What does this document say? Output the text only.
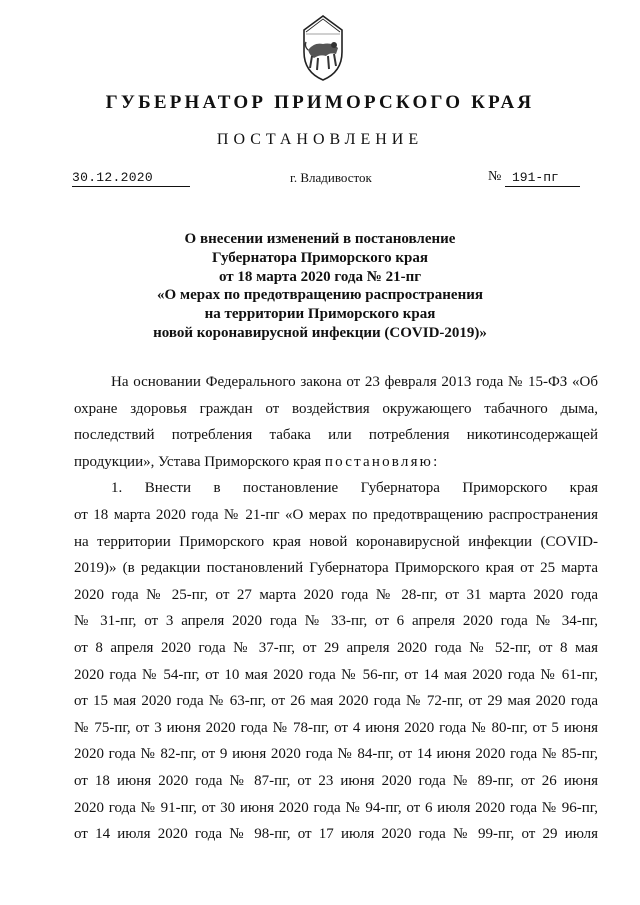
ГУБЕРНАТОР ПРИМОРСКОГО КРАЯ
ПОСТАНОВЛЕНИЕ
30.12.2020	г. Владивосток	№ 191-пг
О внесении изменений в постановление
Губернатора Приморского края
от 18 марта 2020 года № 21-пг
«О мерах по предотвращению распространения
на территории Приморского края
новой коронавирусной инфекции (COVID-2019)»
На основании Федерального закона от 23 февраля 2013 года № 15-ФЗ «Об
охране здоровья граждан от воздействия окружающего табачного дыма,
последствий потребления табака или потребления никотинсодержащей
продукции», Устава Приморского края постановляю:
1. Внести в постановление Губернатора Приморского края
от 18 марта 2020 года № 21-пг «О мерах по предотвращению распространения
на территории Приморского края новой коронавирусной инфекции (COVID-
2019)» (в редакции постановлений Губернатора Приморского края от 25 марта
2020 года № 25-пг, от 27 марта 2020 года № 28-пг, от 31 марта 2020 года
№ 31-пг, от 3 апреля 2020 года № 33-пг, от 6 апреля 2020 года № 34-пг,
от 8 апреля 2020 года № 37-пг, от 29 апреля 2020 года № 52-пг, от 8 мая
2020 года № 54-пг, от 10 мая 2020 года № 56-пг, от 14 мая 2020 года № 61-пг,
от 15 мая 2020 года № 63-пг, от 26 мая 2020 года № 72-пг, от 29 мая 2020 года
№ 75-пг, от 3 июня 2020 года № 78-пг, от 4 июня 2020 года № 80-пг, от 5 июня
2020 года № 82-пг, от 9 июня 2020 года № 84-пг, от 14 июня 2020 года № 85-пг,
от 18 июня 2020 года № 87-пг, от 23 июня 2020 года № 89-пг, от 26 июня
2020 года № 91-пг, от 30 июня 2020 года № 94-пг, от 6 июля 2020 года № 96-пг,
от 14 июля 2020 года № 98-пг, от 17 июля 2020 года № 99-пг, от 29 июля
